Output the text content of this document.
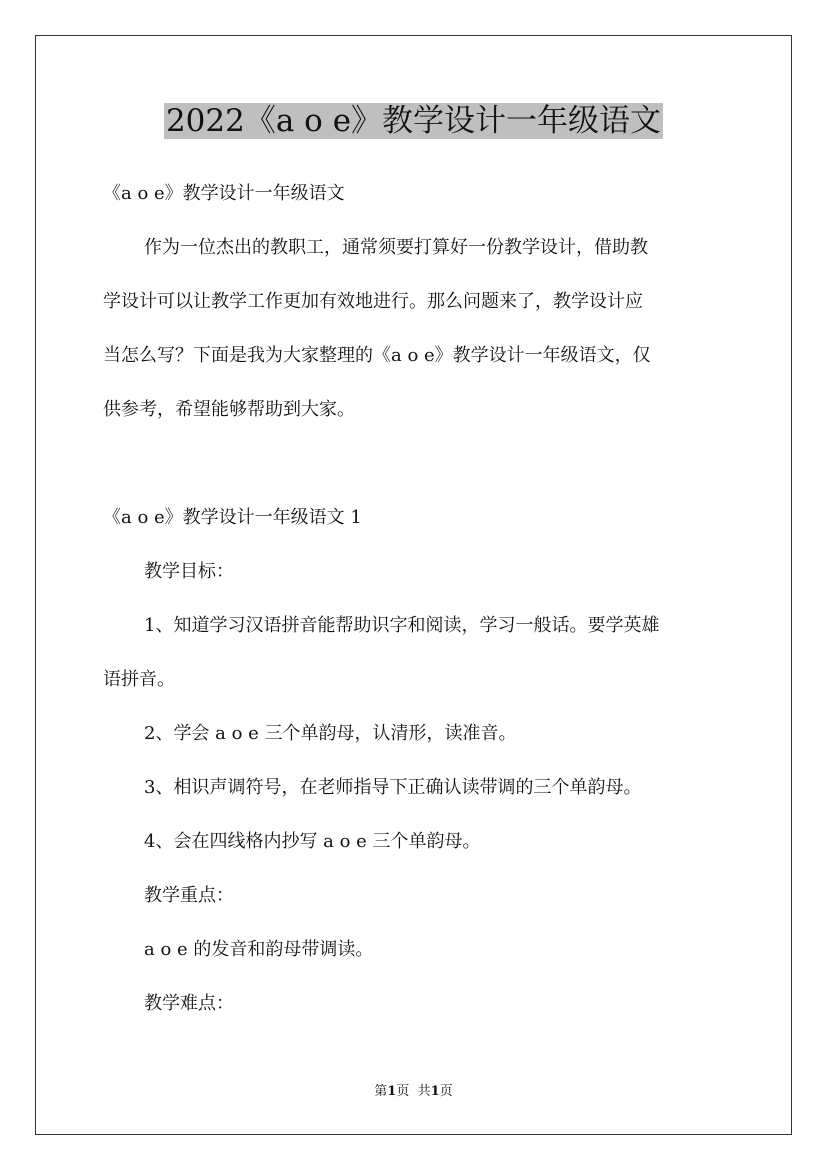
2022《a o e》教学设计一年级语文

《a o e》教学设计一年级语文

作为一位杰出的教职工，通常须要打算好一份教学设计，借助教

学设计可以让教学工作更加有效地进行。那么问题来了，教学设计应

当怎么写？下面是我为大家整理的《a o e》教学设计一年级语文，仅

供参考，希望能够帮助到大家。

《a o e》教学设计一年级语文 1

教学目标：

1、知道学习汉语拼音能帮助识字和阅读，学习一般话。要学英雄

语拼音。

2、学会 a o e 三个单韵母，认清形，读准音。

3、相识声调符号，在老师指导下正确认读带调的三个单韵母。

4、会在四线格内抄写 a o e 三个单韵母。

教学重点：

a o e 的发音和韵母带调读。

教学难点：

第1页 共1页
